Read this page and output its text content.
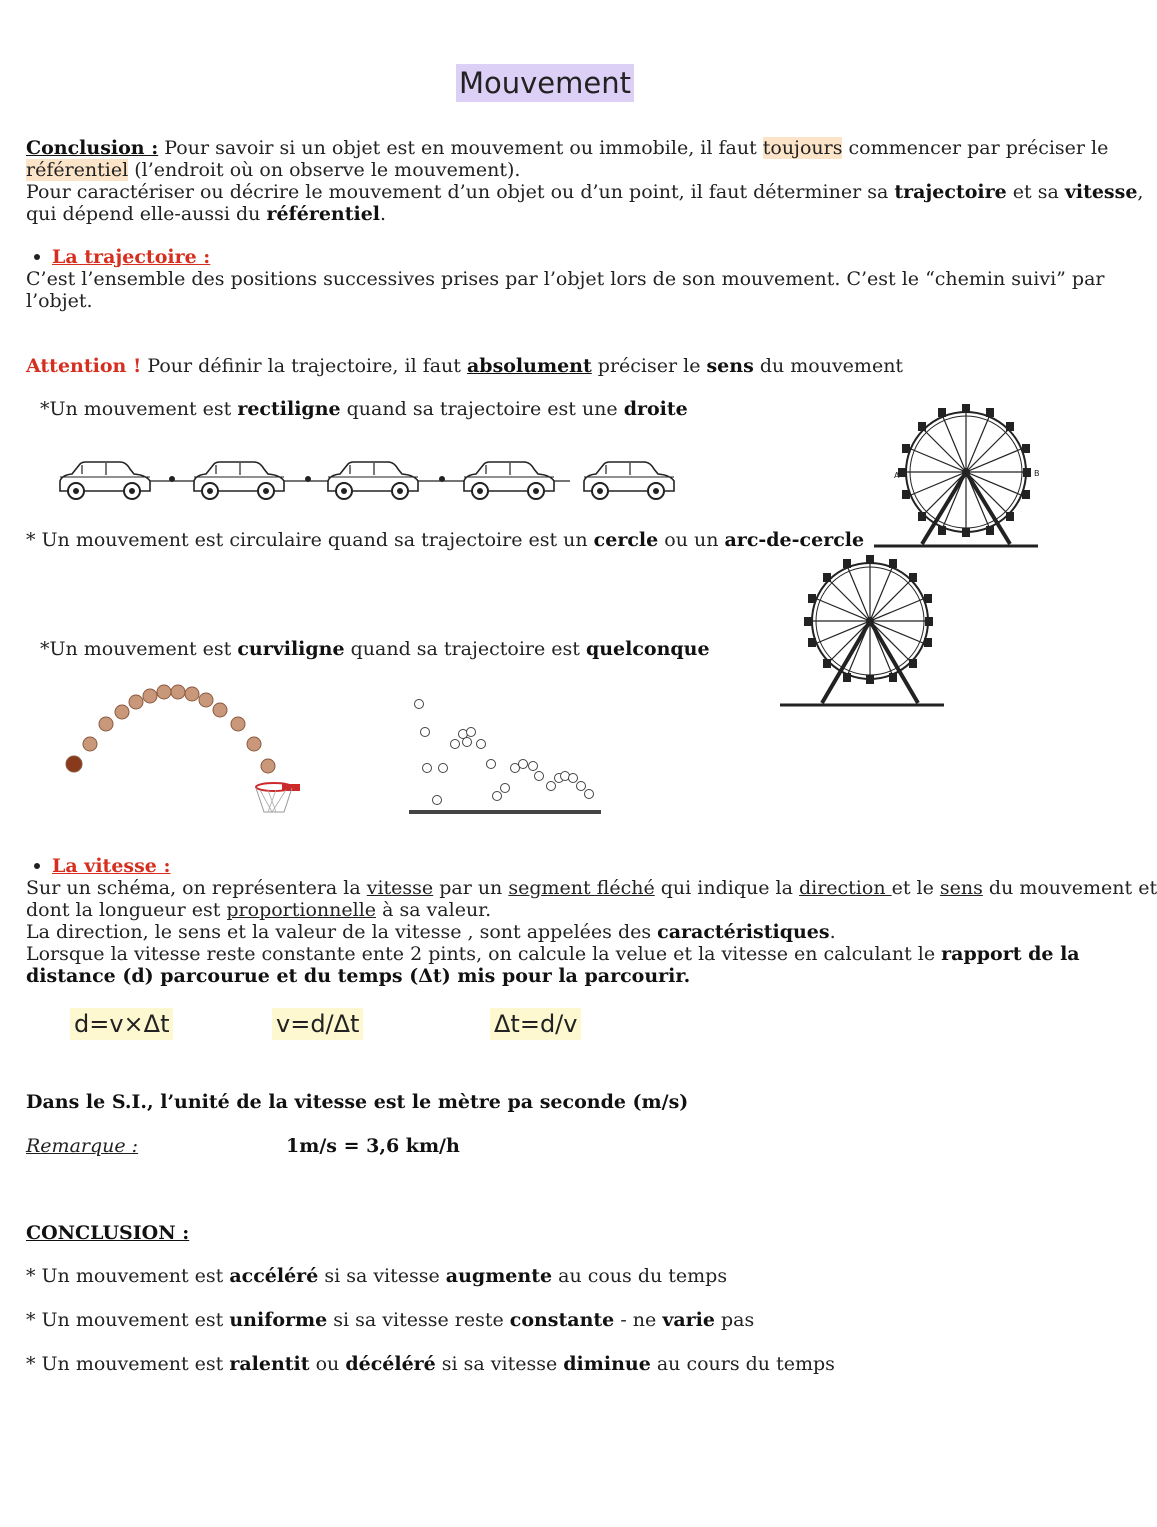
Mouvement
Conclusion : Pour savoir si un objet est en mouvement ou immobile, il faut toujours commencer par préciser le
référentiel (l’endroit où on observe le mouvement).
Pour caractériser ou décrire le mouvement d’un objet ou d’un point, il faut déterminer sa trajectoire et sa vitesse,
qui dépend elle-aussi du référentiel.
La trajectoire :
C’est l’ensemble des positions successives prises par l’objet lors de son mouvement. C’est le “chemin suivi” par
l’objet.
Attention ! Pour définir la trajectoire, il faut absolument préciser le sens du mouvement
*Un mouvement est rectiligne quand sa trajectoire est une droite
* Un mouvement est circulaire quand sa trajectoire est un cercle ou un arc-de-cercle
A	B
*Un mouvement est curviligne quand sa trajectoire est quelconque
La vitesse :
Sur un schéma, on représentera la vitesse par un segment fléché qui indique la direction et le sens du mouvement et
dont la longueur est proportionnelle à sa valeur.
La direction, le sens et la valeur de la vitesse , sont appelées des caractéristiques.
Lorsque la vitesse reste constante ente 2 pints, on calcule la velue et la vitesse en calculant le rapport de la
distance (d) parcourue et du temps (Δt) mis pour la parcourir.
d=v×Δt	v=d/Δt	Δt=d/v
Dans le S.I., l’unité de la vitesse est le mètre pa seconde (m/s)
Remarque :	1m/s = 3,6 km/h
CONCLUSION :
* Un mouvement est accéléré si sa vitesse augmente au cous du temps
* Un mouvement est uniforme si sa vitesse reste constante - ne varie pas
* Un mouvement est ralentit ou décéléré si sa vitesse diminue au cours du temps
